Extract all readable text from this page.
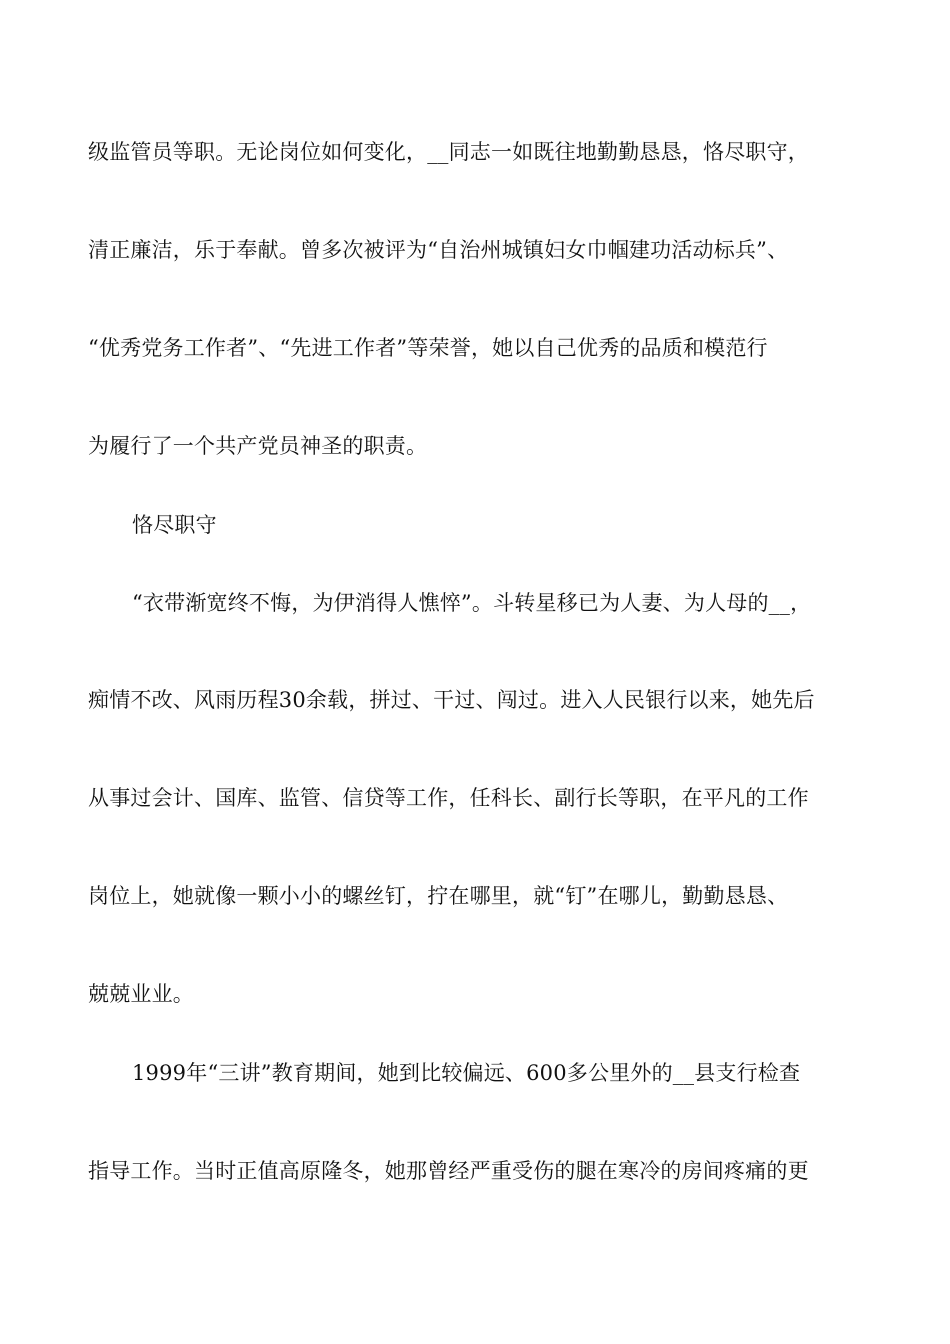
级监管员等职。无论岗位如何变化，__同志一如既往地勤勤恳恳，恪尽职守，
清正廉洁，乐于奉献。曾多次被评为“自治州城镇妇女巾帼建功活动标兵”、
“优秀党务工作者”、“先进工作者”等荣誉，她以自己优秀的品质和模范行
为履行了一个共产党员神圣的职责。
恪尽职守
“衣带渐宽终不悔，为伊消得人憔悴”。斗转星移已为人妻、为人母的__，
痴情不改、风雨历程30余载，拼过、干过、闯过。进入人民银行以来，她先后
从事过会计、国库、监管、信贷等工作，任科长、副行长等职，在平凡的工作
岗位上，她就像一颗小小的螺丝钉，拧在哪里，就“钉”在哪儿，勤勤恳恳、
兢兢业业。
1999年“三讲”教育期间，她到比较偏远、600多公里外的__县支行检查
指导工作。当时正值高原隆冬，她那曾经严重受伤的腿在寒冷的房间疼痛的更
